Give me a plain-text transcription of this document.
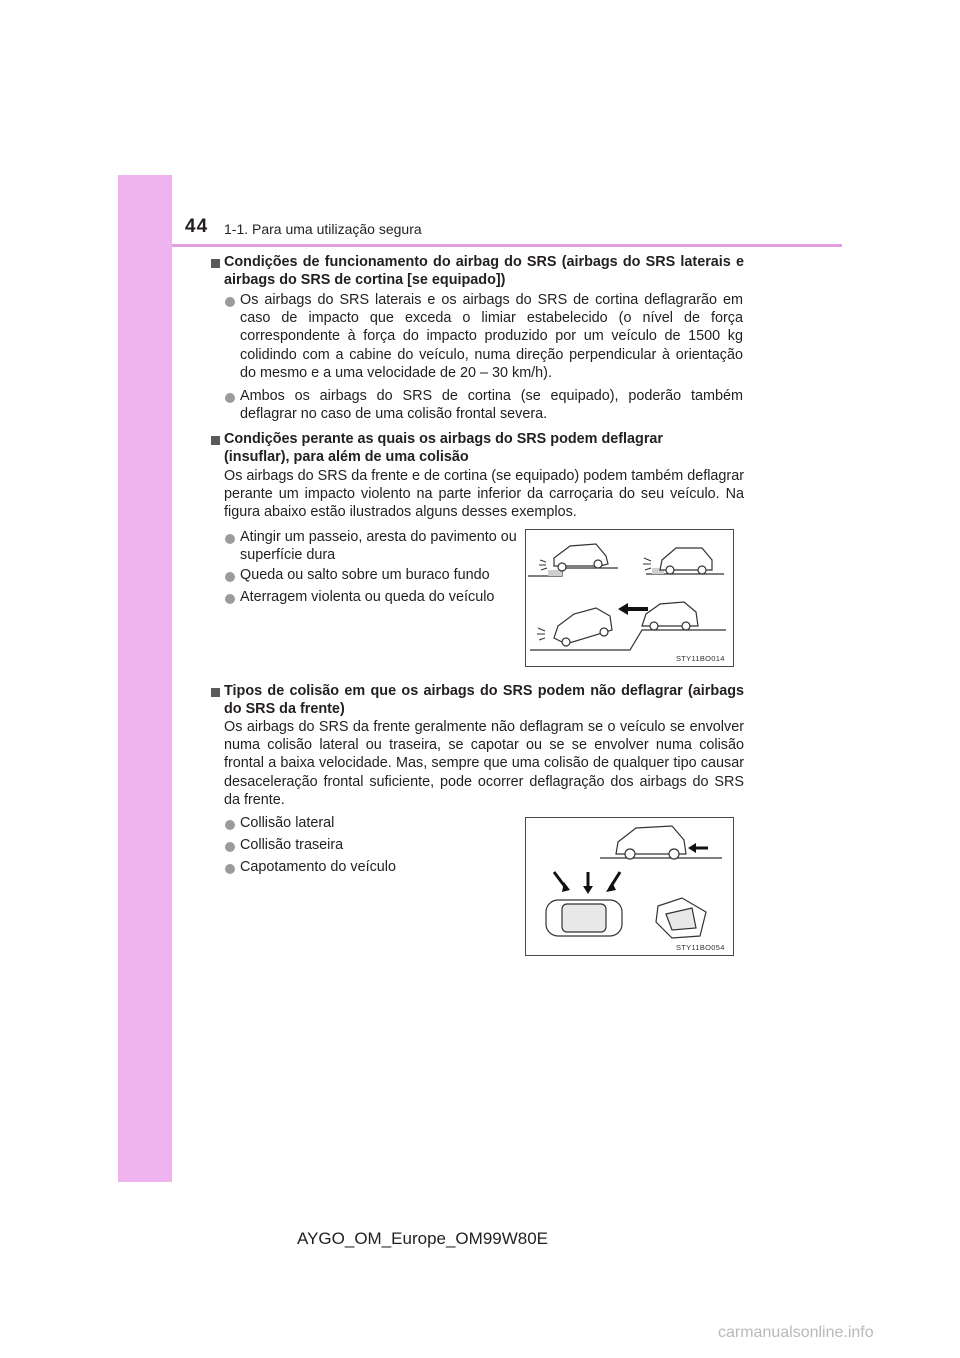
44 1-1. Para uma utilização segura
Condições de funcionamento do airbag do SRS (airbags do SRS laterais e airbags do SRS de cortina [se equipado])
Os airbags do SRS laterais e os airbags do SRS de cortina deflagrarão em caso de impacto que exceda o limiar estabelecido (o nível de força correspondente à força do impacto produzido por um veículo de 1500 kg colidindo com a cabine do veículo, numa direção perpendicular à orientação do mesmo e a uma velocidade de 20 – 30 km/h).
Ambos os airbags do SRS de cortina (se equipado), poderão também deflagrar no caso de uma colisão frontal severa.
Condições perante as quais os airbags do SRS podem deflagrar (insuflar), para além de uma colisão
Os airbags do SRS da frente e de cortina (se equipado) podem também deflagrar perante um impacto violento na parte inferior da carroçaria do seu veículo. Na figura abaixo estão ilustrados alguns desses exemplos.
Atingir um passeio, aresta do pavimento ou superfície dura
Queda ou salto sobre um buraco fundo
Aterragem violenta ou queda do veículo
STY11BO014
Tipos de colisão em que os airbags do SRS podem não deflagrar (airbags do SRS da frente)
Os airbags do SRS da frente geralmente não deflagram se o veículo se envolver numa colisão lateral ou traseira, se capotar ou se se envolver numa colisão frontal a baixa velocidade. Mas, sempre que uma colisão de qualquer tipo causar desaceleração frontal suficiente, pode ocorrer deflagração dos airbags do SRS da frente.
Collisão lateral
Collisão traseira
Capotamento do veículo
STY11BO054
AYGO_OM_Europe_OM99W80E
carmanualsonline.info
